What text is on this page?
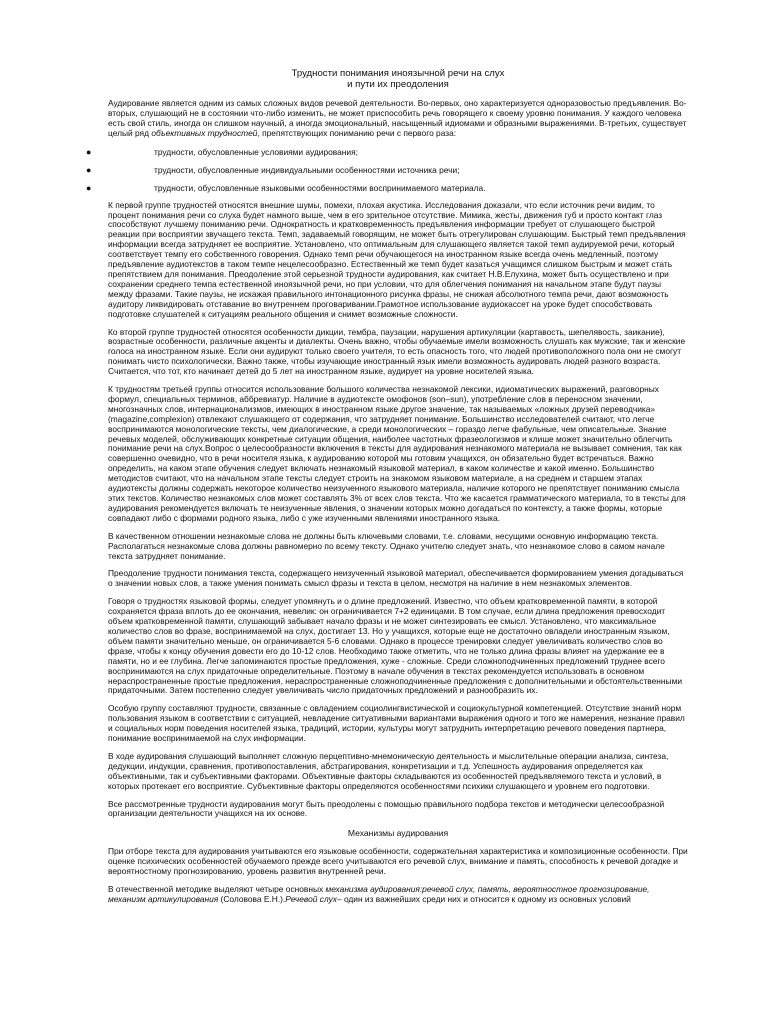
Трудности понимания иноязычной речи на слух
и пути их преодоления

Аудирование является одним из самых сложных видов речевой деятельности. Во-первых, оно характеризуется одноразовостью предъявления. Во-вторых, слушающий не в состоянии что-либо изменить, не может приспособить речь говорящего к своему уровню понимания. У каждого человека есть свой стиль, иногда он слишком научный, а иногда эмоциональный, насыщенный идиомами и образными выражениями. В-третьих, существует целый ряд объективных трудностей, препятствующих пониманию речи с первого раза:

●	трудности, обусловленные условиями аудирования;
●	трудности, обусловленные индивидуальными особенностями источника речи;
●	трудности, обусловленные языковыми особенностями воспринимаемого материала.

К первой группе трудностей относятся внешние шумы, помехи, плохая акустика. Исследования доказали, что если источник речи видим, то процент понимания речи со слуха будет намного выше, чем в его зрительное отсутствие. Мимика, жесты, движения губ и просто контакт глаз способствуют лучшему пониманию речи. Однократность и кратковременность предъявления информации требует от слушающего быстрой реакции при восприятии звучащего текста. Темп, задаваемый говорящим, не может быть отрегулирован слушающим. Быстрый темп предъявления информации всегда затрудняет ее восприятие. Установлено, что оптимальным для слушающего является такой темп аудируемой речи, который соответствует темпу его собственного говорения. Однако темп речи обучающегося на иностранном языке всегда очень медленный, поэтому предъявление аудиотекстов в таком темпе нецелесообразно. Естественный же темп будет казаться учащимся слишком быстрым и может стать препятствием для понимания. Преодоление этой серьезной трудности аудирования, как считает Н.В.Елухина, может быть осуществлено и при сохранении среднего темпа естественной иноязычной речи, но при условии, что для облегчения понимания на начальном этапе будут паузы между фразами. Такие паузы, не искажая правильного интонационного рисунка фразы, не снижая абсолютного темпа речи, дают возможность аудитору ликвидировать отставание во внутреннем проговаривании.Грамотное использование аудиокассет на уроке будет способствовать подготовке слушателей к ситуациям реального общения и снимет возможные сложности.

Ко второй группе трудностей относятся особенности дикции, тембра, паузации, нарушения артикуляции (картавость, шепелявость, заикание), возрастные особенности, различные акценты и диалекты. Очень важно, чтобы обучаемые имели возможность слушать как мужские, так и женские голоса на иностранном языке. Если они аудируют только своего учителя, то есть опасность того, что людей противоположного пола они не смогут понимать чисто психологически. Важно также, чтобы изучающие иностранный язык имели возможность аудировать людей разного возраста. Считается, что тот, кто начинает детей до 5 лет на иностранном языке, аудирует на уровне носителей языка.

К трудностям третьей группы относится использование большого количества незнакомой лексики, идиоматических выражений, разговорных формул, специальных терминов, аббревиатур. Наличие в аудиотексте омофонов (son–sun), употребление слов в переносном значении, многозначных слов, интернационализмов, имеющих в иностранном языке другое значение, так называемых «ложных друзей переводчика» (magazine,complexion) отвлекают слушающего от содержания, что затрудняет понимание. Большинство исследователей считают, что легче воспринимаются монологические тексты, чем диалогические, а среди монологических – гораздо легче фабульные, чем описательные. Знание речевых моделей, обслуживающих конкретные ситуации общения, наиболее частотных фразеологизмов и клише может значительно облегчить понимание речи на слух.Вопрос о целесообразности включения в тексты для аудирования незнакомого материала не вызывает сомнения, так как совершенно очевидно, что в речи носителя языка, к аудированию которой мы готовим учащихся, он обязательно будет встречаться. Важно определить, на каком этапе обучения следует включать незнакомый языковой материал, в каком количестве и какой именно. Большинство методистов считают, что на начальном этапе тексты следует строить на знакомом языковом материале, а на среднем и старшем этапах аудиотексты должны содержать некоторое количество неизученного языкового материала, наличие которого не препятствует пониманию смысла этих текстов. Количество незнакомых слов может составлять 3% от всех слов текста. Что же касается грамматического материала, то в тексты для аудирования рекомендуется включать те неизученные явления, о значении которых можно догадаться по контексту, а также формы, которые совпадают либо с формами родного языка, либо с уже изученными явлениями иностранного языка.

В качественном отношении незнакомые слова не должны быть ключевыми словами, т.е. словами, несущими основную информацию текста. Располагаться незнакомые слова должны равномерно по всему тексту. Однако учителю следует знать, что незнакомое слово в самом начале текста затрудняет понимание.

Преодоление трудности понимания текста, содержащего неизученный языковой материал, обеспечивается формированием умения догадываться о значении новых слов, а также умения понимать смысл фразы и текста в целом, несмотря на наличие в нем незнакомых элементов.

Говоря о трудностях языковой формы, следует упомянуть и о длине предложений. Известно, что объем кратковременной памяти, в которой сохраняется фраза вплоть до ее окончания, невелик: он ограничивается 7+2 единицами. В том случае, если длина предложения превосходит объем кратковременной памяти, слушающий забывает начало фразы и не может синтезировать ее смысл. Установлено, что максимальное количество слов во фразе, воспринимаемой на слух, достигает 13. Но у учащихся, которые еще не достаточно овладели иностранным языком, объем памяти значительно меньше, он ограничивается 5-6 словами. Однако в процессе тренировки следует увеличивать количество слов во фразе, чтобы к концу обучения довести его до 10-12 слов. Необходимо также отметить, что не только длина фразы влияет на удержание ее в памяти, но и ее глубина. Легче запоминаются простые предложения, хуже - сложные. Среди сложноподчиненных предложений труднее всего воспринимаются на слух придаточные определительные. Поэтому в начале обучения в текстах рекомендуется использовать в основном нераспространенные простые предложения, нераспространенные сложноподчиненные предложения с дополнительными и обстоятельственными придаточными. Затем постепенно следует увеличивать число придаточных предложений и разнообразить их.

Особую группу составляют трудности, связанные с овладением социолингвистической и социокультурной компетенцией. Отсутствие знаний норм пользования языком в соответствии с ситуацией, невладение ситуативными вариантами выражения одного и того же намерения, незнание правил и социальных норм поведения носителей языка, традиций, истории, культуры могут затруднить интерпретацию речевого поведения партнера, понимание воспринимаемой на слух информации.

В ходе аудирования слушающий выполняет сложную перцептивно-мнемоническую деятельность и мыслительные операции анализа, синтеза, дедукции, индукции, сравнения, противопоставления, абстрагирования, конкретизации и т.д. Успешность аудирования определяется как объективными, так и субъективными факторами. Объективные факторы складываются из особенностей предъявляемого текста и условий, в которых протекает его восприятие. Субъективные факторы определяются особенностями психики слушающего и уровнем его подготовки.

Все рассмотренные трудности аудирования могут быть преодолены с помощью правильного подбора текстов и методически целесообразной организации деятельности учащихся на их основе.

Механизмы аудирования

При отборе текста для аудирования учитываются его языковые особенности, содержательная характеристика и композиционные особенности. При оценке психических особенностей обучаемого прежде всего учитываются его речевой слух, внимание и память, способность к речевой догадке и вероятностному прогнозированию, уровень развития внутренней речи.

В отечественной методике выделяют четыре основных механизма аудирования:речевой слух, память, вероятностное прогнозирование, механизм артикулирования (Соловова Е.Н.).Речевой слух– один из важнейших среди них и относится к одному из основных условий
